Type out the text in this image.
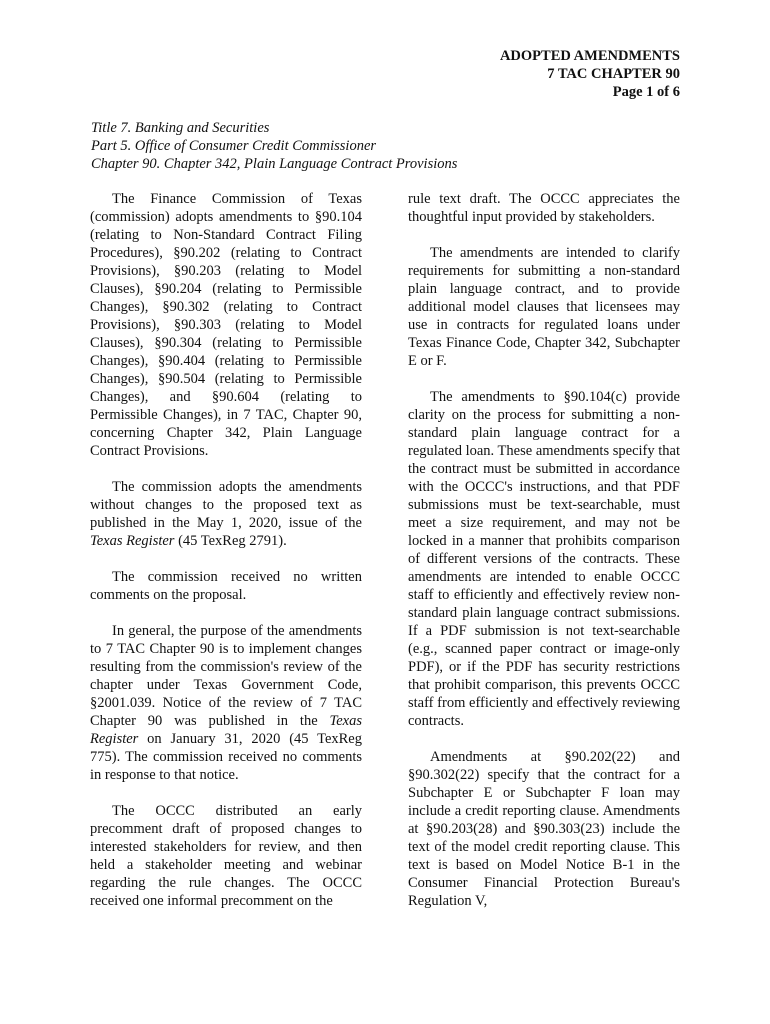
ADOPTED AMENDMENTS
7 TAC CHAPTER 90
Page 1 of 6
Title 7. Banking and Securities
Part 5. Office of Consumer Credit Commissioner
Chapter 90. Chapter 342, Plain Language Contract Provisions

The Finance Commission of Texas (commission) adopts amendments to §90.104 (relating to Non-Standard Contract Filing Procedures), §90.202 (relating to Contract Provisions), §90.203 (relating to Model Clauses), §90.204 (relating to Permissible Changes), §90.302 (relating to Contract Provisions), §90.303 (relating to Model Clauses), §90.304 (relating to Permissible Changes), §90.404 (relating to Permissible Changes), §90.504 (relating to Permissible Changes), and §90.604 (relating to Permissible Changes), in 7 TAC, Chapter 90, concerning Chapter 342, Plain Language Contract Provisions.

The commission adopts the amendments without changes to the proposed text as published in the May 1, 2020, issue of the Texas Register (45 TexReg 2791).

The commission received no written comments on the proposal.

In general, the purpose of the amendments to 7 TAC Chapter 90 is to implement changes resulting from the commission's review of the chapter under Texas Government Code, §2001.039. Notice of the review of 7 TAC Chapter 90 was published in the Texas Register on January 31, 2020 (45 TexReg 775). The commission received no comments in response to that notice.

The OCCC distributed an early precomment draft of proposed changes to interested stakeholders for review, and then held a stakeholder meeting and webinar regarding the rule changes. The OCCC received one informal precomment on the

rule text draft. The OCCC appreciates the thoughtful input provided by stakeholders.

The amendments are intended to clarify requirements for submitting a non-standard plain language contract, and to provide additional model clauses that licensees may use in contracts for regulated loans under Texas Finance Code, Chapter 342, Subchapter E or F.

The amendments to §90.104(c) provide clarity on the process for submitting a non-standard plain language contract for a regulated loan. These amendments specify that the contract must be submitted in accordance with the OCCC's instructions, and that PDF submissions must be text-searchable, must meet a size requirement, and may not be locked in a manner that prohibits comparison of different versions of the contracts. These amendments are intended to enable OCCC staff to efficiently and effectively review non-standard plain language contract submissions. If a PDF submission is not text-searchable (e.g., scanned paper contract or image-only PDF), or if the PDF has security restrictions that prohibit comparison, this prevents OCCC staff from efficiently and effectively reviewing contracts.

Amendments at §90.202(22) and §90.302(22) specify that the contract for a Subchapter E or Subchapter F loan may include a credit reporting clause. Amendments at §90.203(28) and §90.303(23) include the text of the model credit reporting clause. This text is based on Model Notice B-1 in the Consumer Financial Protection Bureau's Regulation V,
